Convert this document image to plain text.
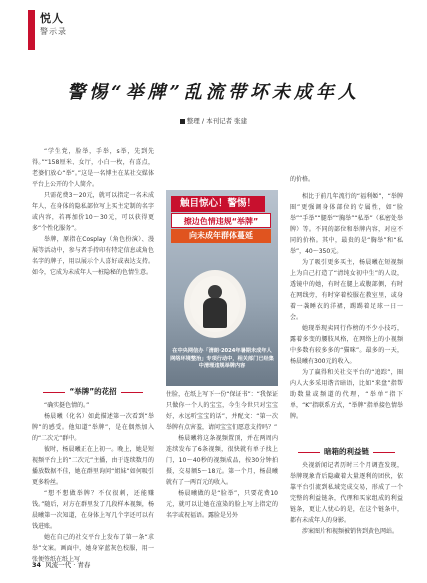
悦人
警示录
警惕“举牌”乱流带坏未成年人
整理 / 本刊记者 张建

“学生党，脸举，手举，s举，先到先得。”“158厘米、女厅，小白一枚，有喜点，老婆们放心“举”。”这是一名博主在某社交媒体平台上公开的个人简介。

只需花费3～20元，就可以指定一名未成年人，在身体的隐私部位写上买主定制的名字或内容，若再加价10～30元，可以获得更多“个性化服务”。

举牌，原指在Cosplay（角色扮演）、漫展等活动中，参与者手持印有特定信息或角色名字的牌子，用以展示个人喜好或表达支持。如今，它成为未成年人一桩隐秘的色情生意。

“举牌”的花招

“确实挺色情的。”

杨晨曦（化名）如此描述第一次看到“举牌”的感受。他知道“举牌”，是在偶然加入的“二次元”群中。

彼时，杨晨曦正在上初一。晚上，她是短视频平台上的“二次元”主播，由于连续数月的播放数据不佳，她在群里询问“姐妹”如何吸引更多粉丝。

“想不想做举牌？不仅很刺，还能赚钱。”随后，对方在群里发了几段样本视频，杨晨曦第一次知道，在身体上写几个字还可以有钱进账。

她在自己的社交平台上发布了第一条“求举”文案。画面中，她身穿蓝灰色校服，用一张便签纸在纸上写

触目惊心！警惕！
擦边色情违规“举牌”
向未成年群体蔓延
在中央网信办「清朗·2024年暑期未成年人网络环境整治」专项行动中，相关部门已经集中清理违规举牌内容

住脸，在纸上写下一份“保证书”：“我保证只做你一个人的宝宝，今生今世只对宝宝好，永远听宝宝的话”，并配文：“第一次举牌有点害羞，请问宝宝们愿意支持吗？”

杨晨曦将这条视频置顶，并在两周内连续发布了6条视频，很快就有单子找上门，10～40秒的视频成品，按30分钟拍摄，交易额5～18元。第一个月，杨晨曦就有了一两百元的收入。

杨晨曦做的是“脸举”，只要花费10元，就可以让她在渲染的脸上写上指定的名字或祝福语。露脸是另外

的价格。

相比于前几年流行的“福利姬”，“举牌圈”更强调身体部位的专属性，如“脸举”“手举”“腿举”“胸举”“私举”（私密处举牌）等。不同的部位和举牌内容，对应不同的价格。其中，最贵的是“胸举”和“私举”，40～350元。

为了吸引更多买主，杨晨曦在短视频上为自己打造了“清纯女初中生”的人设，透镜中的她，有时在腿上或腹部侧，有时在网线旁，有时穿着校服在教室里，或身着一袭睡衣的洋裙，踢踢着足球一日一会。

她现举现卖同行作榜的不少小技巧，露着多变的腰肢风格，在网络上的小视频中多数有较多多的“猫咪”。最多的一天，杨晨曦有300元的收入。

为了赢得和关社交平台的“追踪”，圈内人大多采用谐音暗语，比如“来盘”指帮助数量或频道的代理，“举单”指下单，“K”指联系方式，“举牌”指单接色情举牌。

暗箱的利益链

央视新闻记者历时三个月调查发现，举牌现象背后隐藏着大量逐利的团伙，依靠平台引流到私域完成交易，形成了一个完整的利益链条，代理和买家组成的利益链条，更让人忧心的是，在这个链条中，都有未成年人的身影。

涉案图片和视频被销售到黄色网站。

34 风流一代 · 青春
